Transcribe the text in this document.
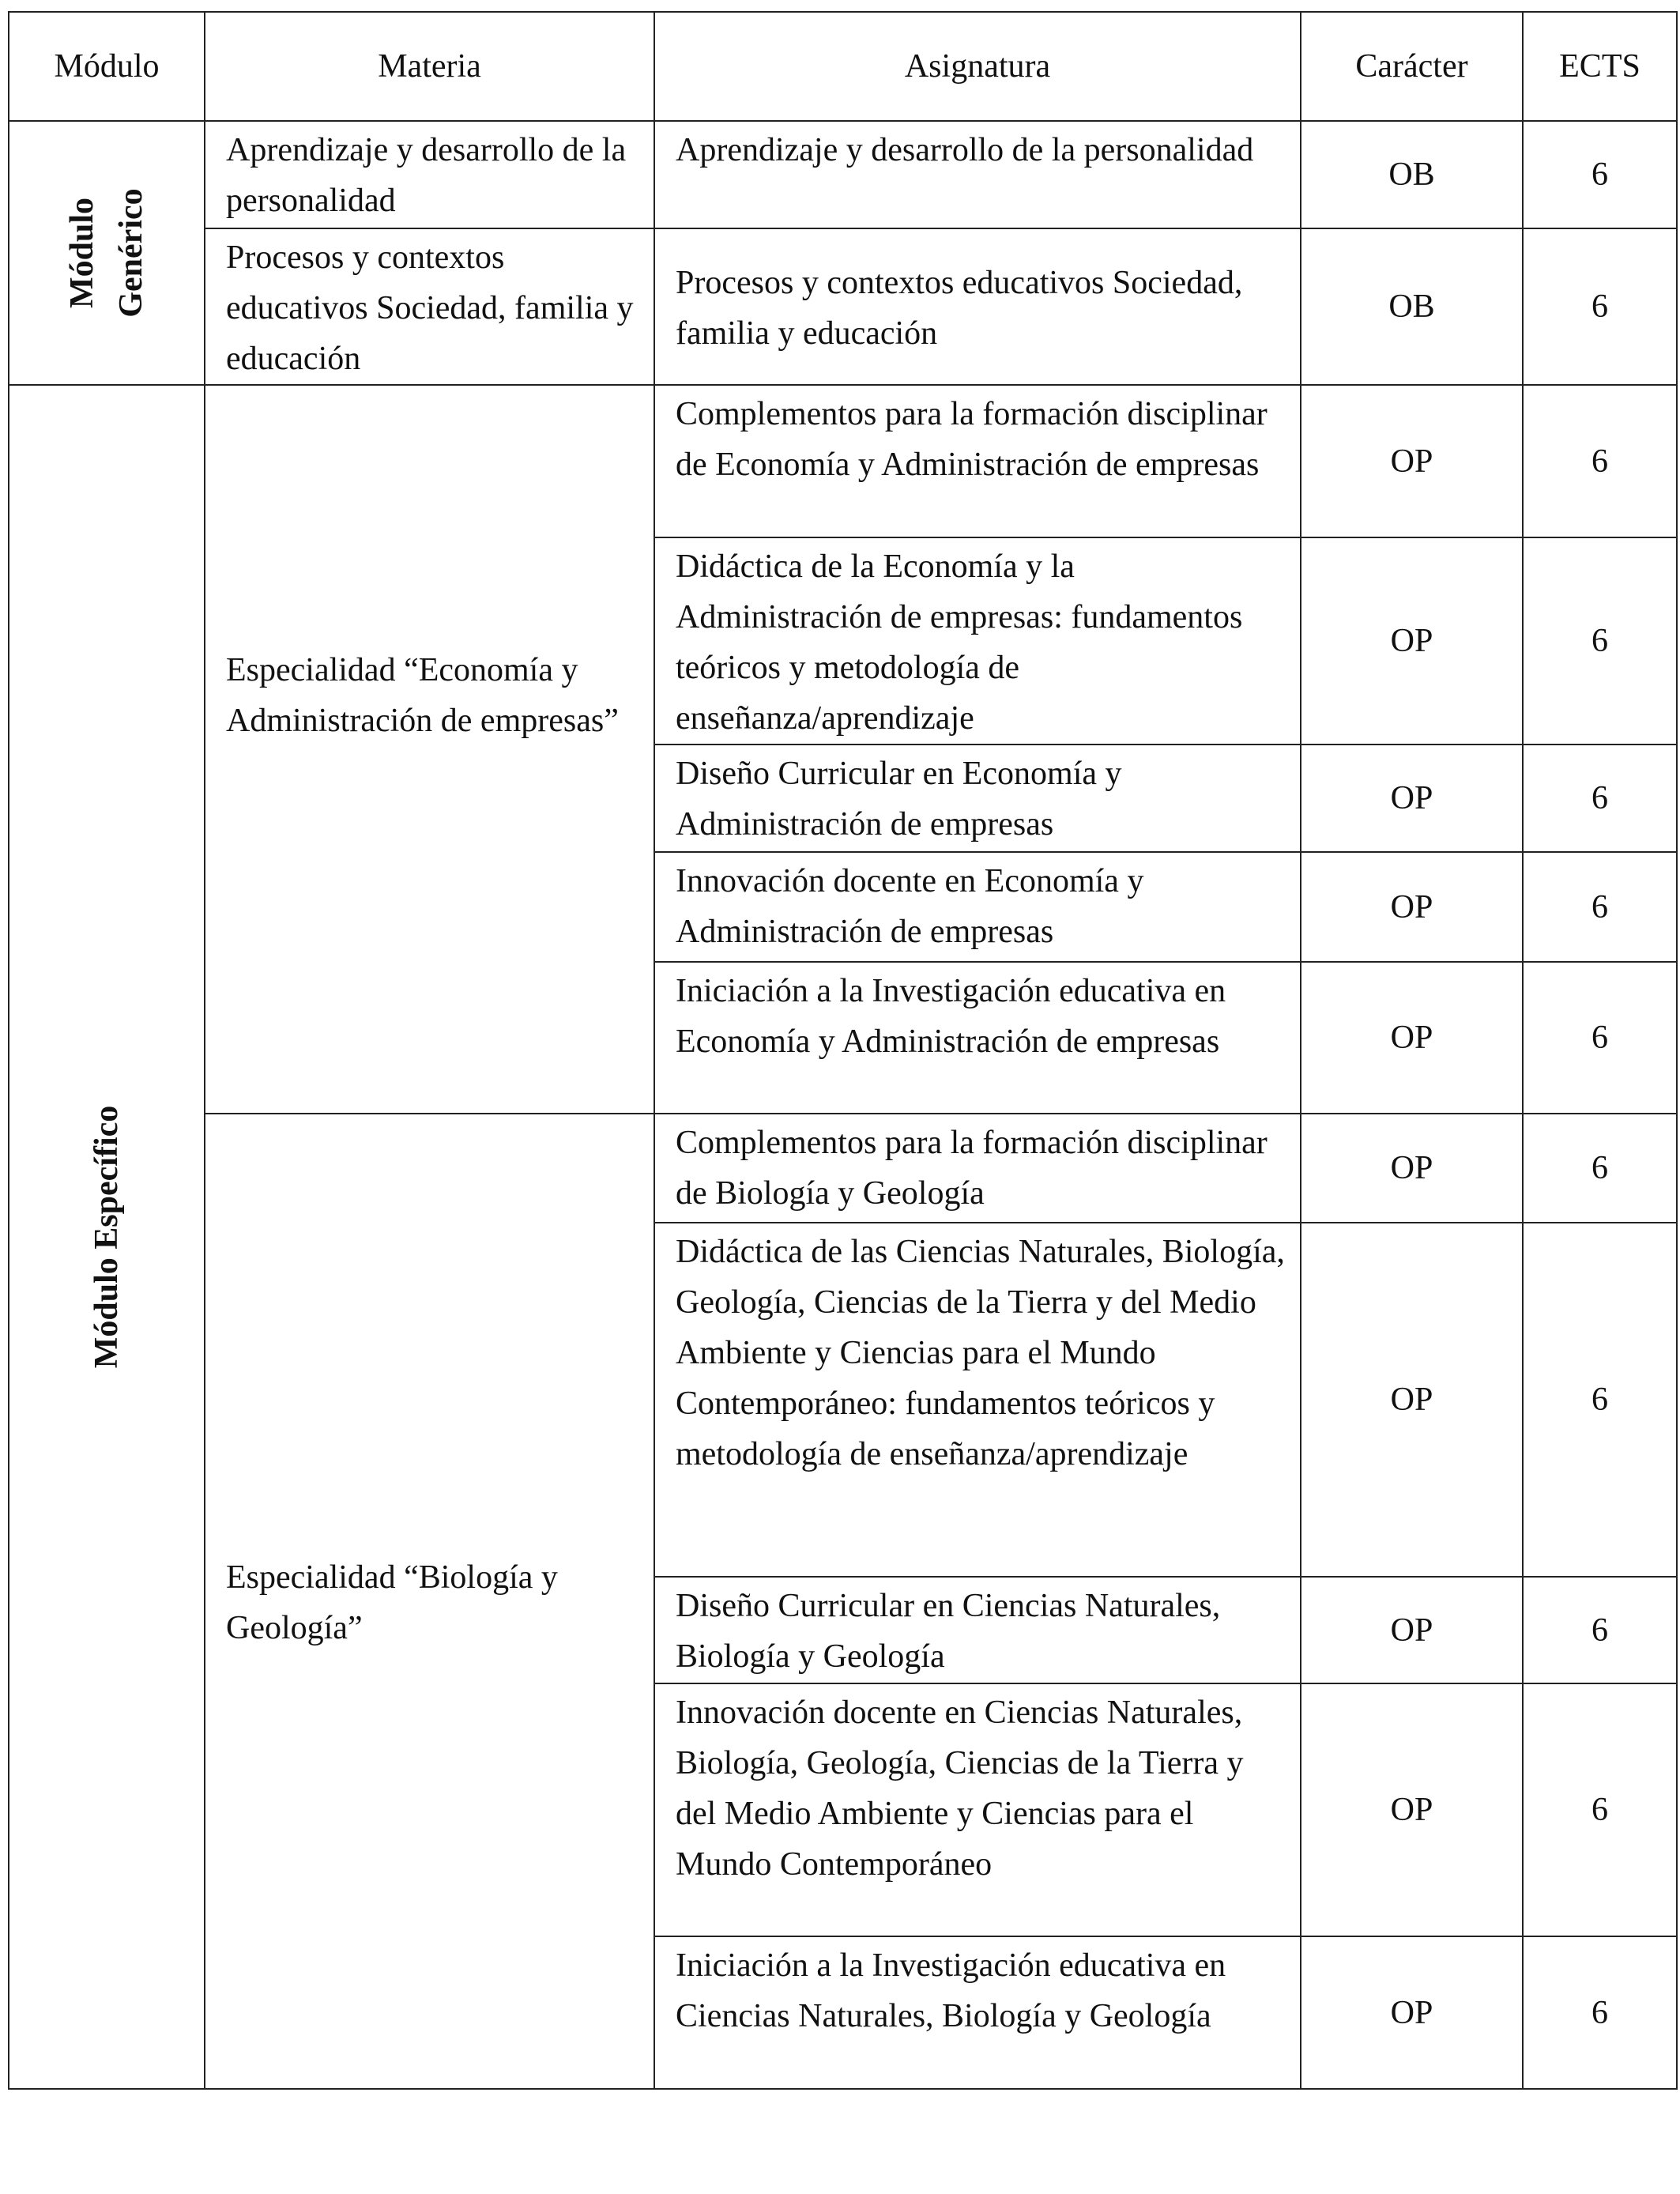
Módulo	Materia	Asignatura	Carácter	ECTS

Módulo Genérico	Aprendizaje y desarrollo de la personalidad	Aprendizaje y desarrollo de la personalidad	OB	6
	Procesos y contextos educativos Sociedad, familia y educación	Procesos y contextos educativos Sociedad, familia y educación	OB	6

Módulo Específico	Especialidad “Economía y Administración de empresas”	Complementos para la formación disciplinar de Economía y Administración de empresas	OP	6
		Didáctica de la Economía y la Administración de empresas: fundamentos teóricos y metodología de enseñanza/aprendizaje	OP	6
		Diseño Curricular en Economía y Administración de empresas	OP	6
		Innovación docente en Economía y Administración de empresas	OP	6
		Iniciación a la Investigación educativa en Economía y Administración de empresas	OP	6
	Especialidad “Biología y Geología”	Complementos para la formación disciplinar de Biología y Geología	OP	6
		Didáctica de las Ciencias Naturales, Biología, Geología, Ciencias de la Tierra y del Medio Ambiente y Ciencias para el Mundo Contemporáneo: fundamentos teóricos y metodología de enseñanza/aprendizaje	OP	6
		Diseño Curricular en Ciencias Naturales, Biología y Geología	OP	6
		Innovación docente en Ciencias Naturales, Biología, Geología, Ciencias de la Tierra y del Medio Ambiente y Ciencias para el Mundo Contemporáneo	OP	6
		Iniciación a la Investigación educativa en Ciencias Naturales, Biología y Geología	OP	6
